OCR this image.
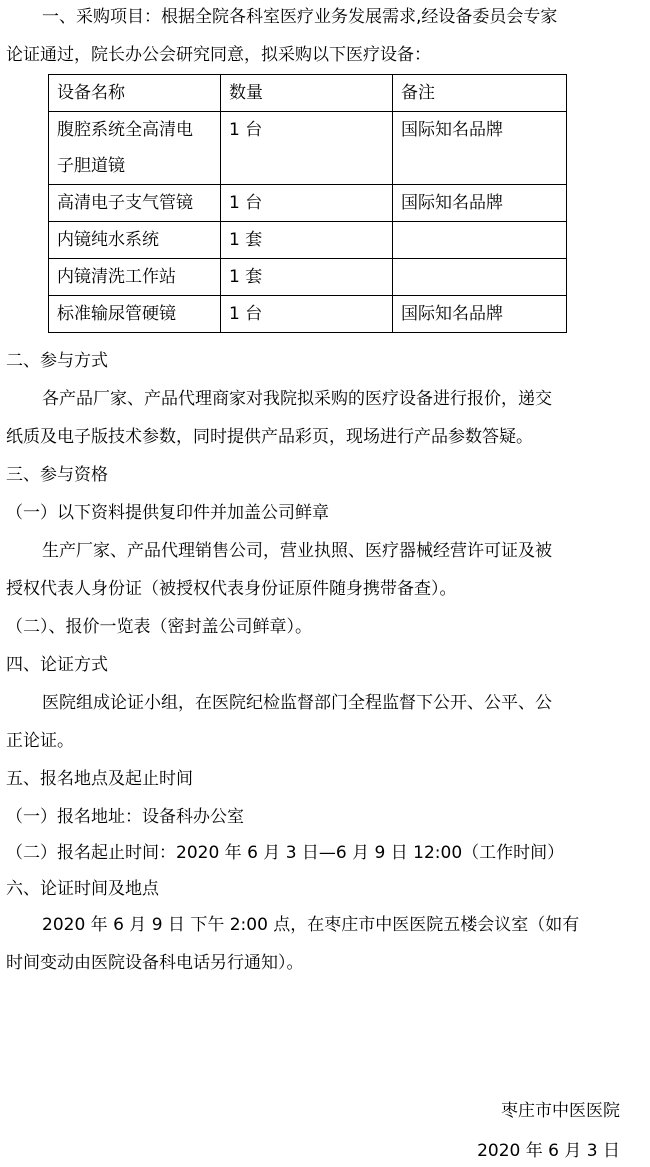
一、采购项目：根据全院各科室医疗业务发展需求,经设备委员会专家
论证通过，院长办公会研究同意，拟采购以下医疗设备：
设备名称	数量	备注

腹腔系统全高清电
子胆道镜	1 台	国际知名品牌
高清电子支气管镜	1 台	国际知名品牌
内镜纯水系统	1 套	
内镜清洗工作站	1 套	
标准输尿管硬镜	1 台	国际知名品牌
二、参与方式
各产品厂家、产品代理商家对我院拟采购的医疗设备进行报价，递交
纸质及电子版技术参数，同时提供产品彩页，现场进行产品参数答疑。
三、参与资格
（一）以下资料提供复印件并加盖公司鲜章
生产厂家、产品代理销售公司，营业执照、医疗器械经营许可证及被
授权代表人身份证（被授权代表身份证原件随身携带备查）。
（二）、报价一览表（密封盖公司鲜章）。
四、论证方式
医院组成论证小组，在医院纪检监督部门全程监督下公开、公平、公
正论证。
五、报名地点及起止时间
（一）报名地址：设备科办公室
（二）报名起止时间：2020 年 6 月 3 日—6 月 9 日 12:00（工作时间）
六、论证时间及地点
2020 年 6 月 9 日 下午 2:00 点，在枣庄市中医医院五楼会议室（如有
时间变动由医院设备科电话另行通知）。
枣庄市中医医院
2020 年 6 月 3 日
